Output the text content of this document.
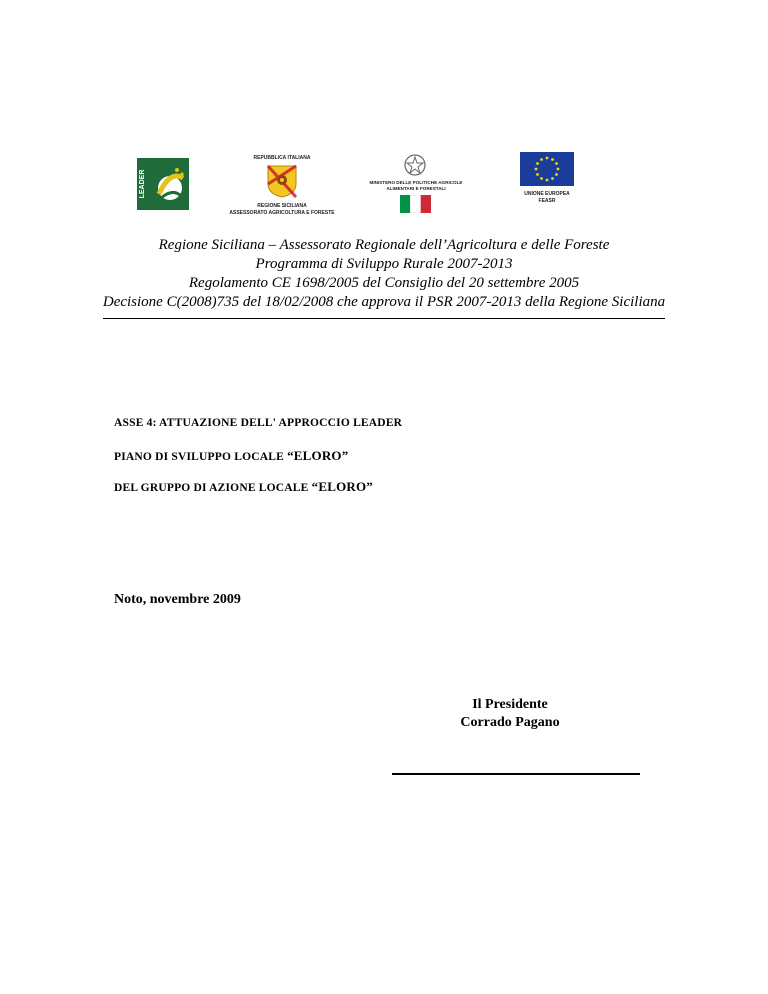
LEADER
REPUBBLICA ITALIANA
REGIONE SICILIANA
ASSESSORATO AGRICOLTURA E FORESTE
MINISTERO DELLE POLITICHE AGRICOLE
ALIMENTARI E FORESTALI
UNIONE EUROPEA
FEASR
Regione Siciliana – Assessorato Regionale dell’Agricoltura e delle Foreste
Programma di Sviluppo Rurale 2007-2013
Regolamento CE 1698/2005 del Consiglio del 20 settembre 2005
Decisione C(2008)735 del 18/02/2008 che approva il PSR 2007-2013 della Regione Siciliana
ASSE 4: ATTUAZIONE DELL' APPROCCIO LEADER
PIANO DI SVILUPPO LOCALE “ELORO”
DEL GRUPPO DI AZIONE LOCALE “ELORO”
Noto, novembre 2009
Il Presidente
Corrado Pagano
